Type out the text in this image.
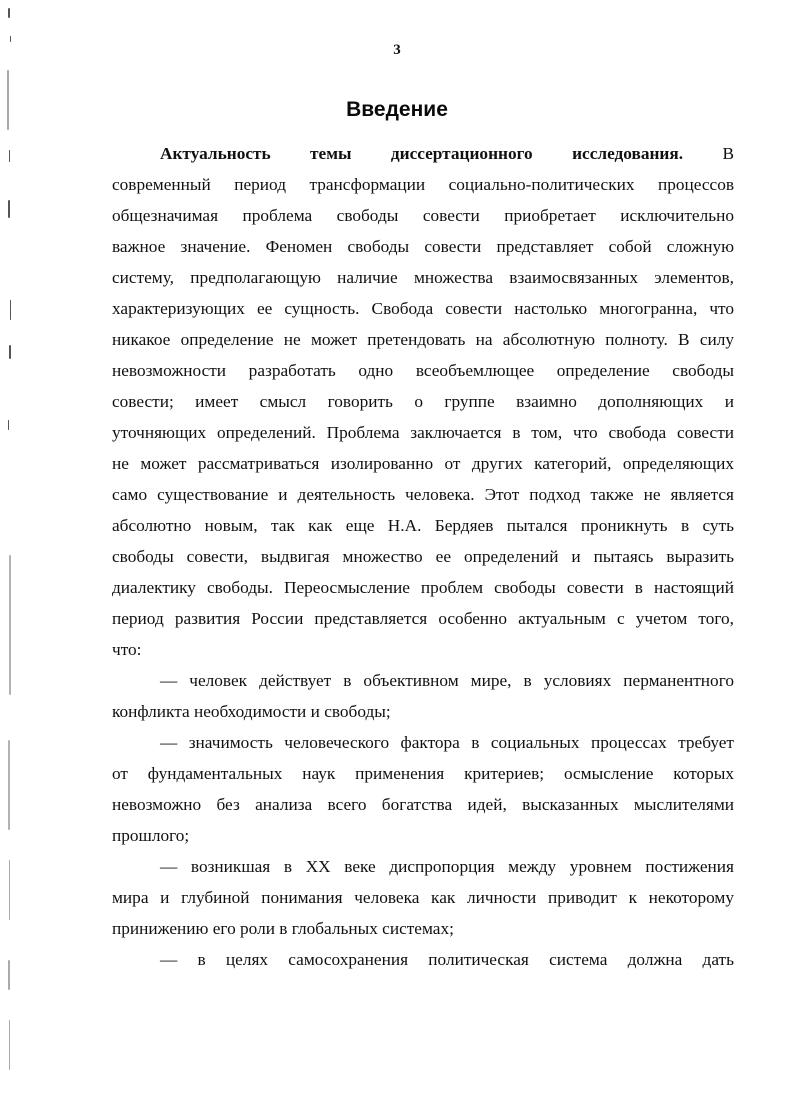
3
Введение
Актуальность темы диссертационного исследования. В
современный период трансформации социально-политических процессов
общезначимая проблема свободы совести приобретает исключительно
важное значение. Феномен свободы совести представляет собой сложную
систему, предполагающую наличие множества взаимосвязанных элементов,
характеризующих ее сущность. Свобода совести настолько многогранна, что
никакое определение не может претендовать на абсолютную полноту. В силу
невозможности разработать одно всеобъемлющее определение свободы
совести; имеет смысл говорить о группе взаимно дополняющих и
уточняющих определений. Проблема заключается в том, что свобода совести
не может рассматриваться изолированно от других категорий, определяющих
само существование и деятельность человека. Этот подход также не является
абсолютно новым, так как еще Н.А. Бердяев пытался проникнуть в суть
свободы совести, выдвигая множество ее определений и пытаясь выразить
диалектику свободы. Переосмысление проблем свободы совести в настоящий
период развития России представляется особенно актуальным с учетом того,
что:
— человек действует в объективном мире, в условиях перманентного
конфликта необходимости и свободы;
— значимость человеческого фактора в социальных процессах требует
от фундаментальных наук применения критериев; осмысление которых
невозможно без анализа всего богатства идей, высказанных мыслителями
прошлого;
— возникшая в XX веке диспропорция между уровнем постижения
мира и глубиной понимания человека как личности приводит к некоторому
принижению его роли в глобальных системах;
— в целях самосохранения политическая система должна дать
